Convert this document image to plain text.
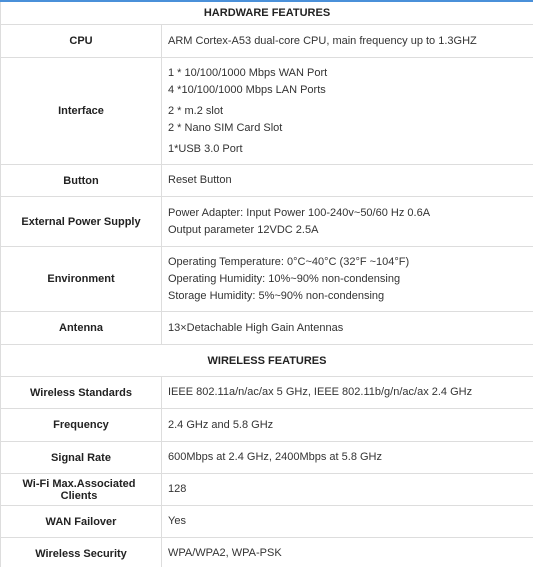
HARDWARE FEATURES	
CPU	ARM Cortex-A53 dual-core CPU, main frequency up to 1.3GHZ
Interface	1 * 10/100/1000 Mbps WAN Port
4 *10/100/1000 Mbps LAN Ports
2 * m.2 slot
2 * Nano SIM Card Slot
1*USB 3.0 Port

Button	Reset Button
External Power Supply	Power Adapter: Input Power 100-240v~50/60 Hz 0.6A
Output parameter 12VDC 2.5A

Environment	Operating Temperature: 0°C~40°C (32°F ~104°F)
Operating Humidity: 10%~90% non-condensing
Storage Humidity: 5%~90% non-condensing

Antenna	13×Detachable High Gain Antennas
WIRELESS FEATURES	
Wireless Standards	IEEE 802.11a/n/ac/ax 5 GHz, IEEE 802.11b/g/n/ac/ax 2.4 GHz
Frequency	2.4 GHz and 5.8 GHz
Signal Rate	600Mbps at 2.4 GHz, 2400Mbps at 5.8 GHz
Wi-Fi Max.Associated Clients	128
WAN Failover	Yes
Wireless Security	WPA/WPA2, WPA-PSK
